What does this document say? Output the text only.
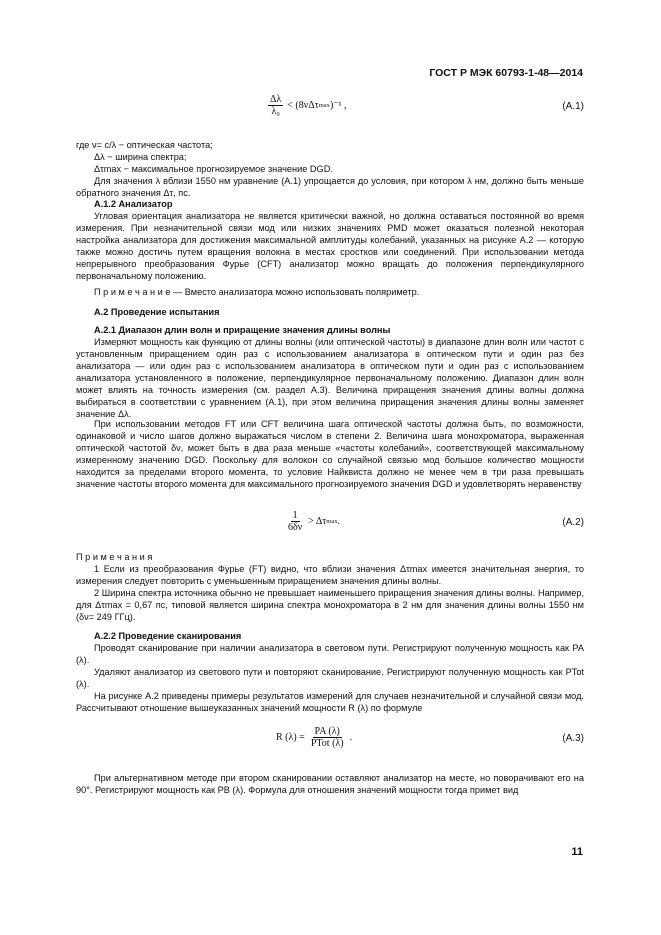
ГОСТ Р МЭК 60793-1-48—2014
$\frac{\Delta\lambda}{\text{λ₀}} < (8\nu\Delta\tau$ max )⁻¹ ,	(A.1)
где ν= c/λ − оптическая частота;
Δλ − ширина спектра;
Δτmax − максимальное прогнозируемое значение DGD.
Для значения λ вблизи 1550 нм уравнение (A.1) упрощается до условия, при котором λ нм, должно быть меньше обратного значения Δτ, пс.
A.1.2 Анализатор
Угловая ориентация анализатора не является критически важной, но должна оставаться постоянной во время измерения. При незначительной связи мод или низких значениях PMD может оказаться полезной некоторая настройка анализатора для достижения максимальной амплитуды колебаний, указанных на рисунке A.2 — которую также можно достичь путем вращения волокна в местах сростков или соединений. При использовании метода непрерывного преобразования Фурье (CFT) анализатор можно вращать до положения перпендикулярного первоначальному положению.
П р и м е ч а н и е — Вместо анализатора можно использовать поляриметр.
A.2 Проведение испытания
A.2.1 Диапазон длин волн и приращение значения длины волны
Измеряют мощность как функцию от длины волны (или оптической частоты) в диапазоне длин волн или частот с установленным приращением один раз с использованием анализатора в оптическом пути и один раз без анализатора — или один раз с использованием анализатора в оптическом пути и один раз с использованием анализатора установленного в положение, перпендикулярное первоначальному положению. Диапазон длин волн может влиять на точность измерения (см. раздел A.3). Величина приращения значения длины волны должна выбираться в соответствии с уравнением (A.1), при этом величина приращения значения длины волны заменяет значение Δλ.
При использовании методов FT или CFT величина шага оптической частоты должна быть, по возможности, одинаковой и число шагов должно выражаться числом в степени 2. Величина шага монохроматора, выраженная оптической частотой δν, может быть в два раза меньше «частоты колебаний», соответствующей максимальному измеренному значению DGD. Поскольку для волокон со случайной связью мод большое количество мощности находится за пределами второго момента, то условие Найквиста должно не менее чем в три раза превышать значение частоты второго момента для максимального прогнозируемого значения DGD и удовлетворять неравенству
$\frac{1}{6\delta\nu} > \Delta\tau$ max .	(A.2)
П р и м е ч а н и я
1 Если из преобразования Фурье (FT) видно, что вблизи значения Δτmax имеется значительная энергия, то измерения следует повторить с уменьшенным приращением значения длины волны.
2 Ширина спектра источника обычно не превышает наименьшего приращения значения длины волны. Например, для Δτmax = 0,67 пс, типовой является ширина спектра монохроматора в 2 нм для значения длины волны 1550 нм (δν= 249 ГГц).
A.2.2 Проведение сканирования
Проводят сканирование при наличии анализатора в световом пути. Регистрируют полученную мощность как PA (λ).
Удаляют анализатор из светового пути и повторяют сканирование. Регистрируют полученную мощность как PTot (λ).
На рисунке A.2 приведены примеры результатов измерений для случаев незначительной и случайной связи мод. Рассчитывают отношение вышеуказанных значений мощности R (λ) по формуле
R $(\lambda) = \frac{PA (\lambda)}{\text{PTot (λ)}}$ .	(A.3)
При альтернативном методе при втором сканировании оставляют анализатор на месте, но поворачивают его на 90°. Регистрируют мощность как PB (λ). Формула для отношения значений мощности тогда примет вид
11
